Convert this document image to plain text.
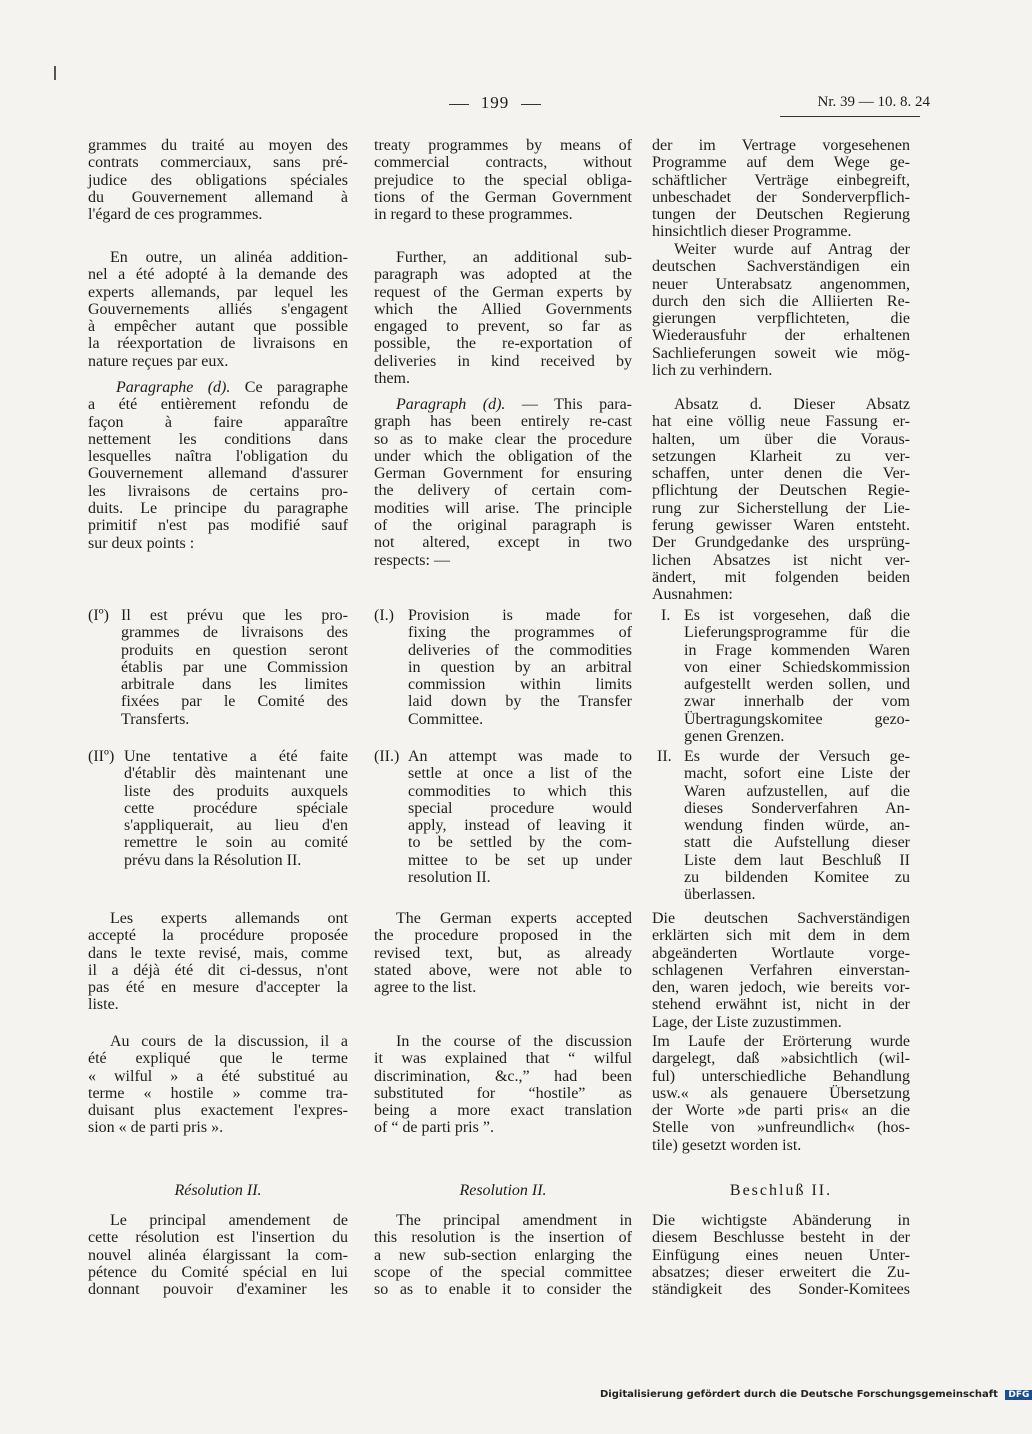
199	Nr. 39 — 10. 8. 24
grammes du traité au moyen des
contrats commerciaux, sans pré-
judice des obligations spéciales
du Gouvernement allemand à
l'égard de ces programmes.
En outre, un alinéa addition-
nel a été adopté à la demande des
experts allemands, par lequel les
Gouvernements alliés s'engagent
à empêcher autant que possible
la réexportation de livraisons en
nature reçues par eux.
Paragraphe (d). Ce paragraphe
a été entièrement refondu de
façon à faire apparaître
nettement les conditions dans
lesquelles naîtra l'obligation du
Gouvernement allemand d'assurer
les livraisons de certains pro-
duits. Le principe du paragraphe
primitif n'est pas modifié sauf
sur deux points :
(Iº) Il est prévu que les pro-
grammes de livraisons des
produits en question seront
établis par une Commission
arbitrale dans les limites
fixées par le Comité des
Transferts.
(IIº) Une tentative a été faite
d'établir dès maintenant une
liste des produits auxquels
cette procédure spéciale
s'appliquerait, au lieu d'en
remettre le soin au comité
prévu dans la Résolution II.
Les experts allemands ont
accepté la procédure proposée
dans le texte revisé, mais, comme
il a déjà été dit ci-dessus, n'ont
pas été en mesure d'accepter la
liste.
Au cours de la discussion, il a
été expliqué que le terme
« wilful » a été substitué au
terme « hostile » comme tra-
duisant plus exactement l'expres-
sion « de parti pris ».
Résolution II.
Le principal amendement de
cette résolution est l'insertion du
nouvel alinéa élargissant la com-
pétence du Comité spécial en lui
donnant pouvoir d'examiner les
treaty programmes by means of
commercial contracts, without
prejudice to the special obliga-
tions of the German Government
in regard to these programmes.
Further, an additional sub-
paragraph was adopted at the
request of the German experts by
which the Allied Governments
engaged to prevent, so far as
possible, the re-exportation of
deliveries in kind received by
them.
Paragraph (d). — This para-
graph has been entirely re-cast
so as to make clear the procedure
under which the obligation of the
German Government for ensuring
the delivery of certain com-
modities will arise. The principle
of the original paragraph is
not altered, except in two
respects: —
(I.) Provision is made for
fixing the programmes of
deliveries of the commodities
in question by an arbitral
commission within limits
laid down by the Transfer
Committee.
(II.) An attempt was made to
settle at once a list of the
commodities to which this
special procedure would
apply, instead of leaving it
to be settled by the com-
mittee to be set up under
resolution II.
The German experts accepted
the procedure proposed in the
revised text, but, as already
stated above, were not able to
agree to the list.
In the course of the discussion
it was explained that “ wilful
discrimination, &c.,” had been
substituted for “hostile” as
being a more exact translation
of “ de parti pris ”.
Resolution II.
The principal amendment in
this resolution is the insertion of
a new sub-section enlarging the
scope of the special committee
so as to enable it to consider the
der im Vertrage vorgesehenen
Programme auf dem Wege ge-
schäftlicher Verträge einbegreift,
unbeschadet der Sonderverpflich-
tungen der Deutschen Regierung
hinsichtlich dieser Programme.
Weiter wurde auf Antrag der
deutschen Sachverständigen ein
neuer Unterabsatz angenommen,
durch den sich die Alliierten Re-
gierungen verpflichteten, die
Wiederausfuhr der erhaltenen
Sachlieferungen soweit wie mög-
lich zu verhindern.
Absatz d. Dieser Absatz
hat eine völlig neue Fassung er-
halten, um über die Voraus-
setzungen Klarheit zu ver-
schaffen, unter denen die Ver-
pflichtung der Deutschen Regie-
rung zur Sicherstellung der Lie-
ferung gewisser Waren entsteht.
Der Grundgedanke des ursprüng-
lichen Absatzes ist nicht ver-
ändert, mit folgenden beiden
Ausnahmen:
I. Es ist vorgesehen, daß die
Lieferungsprogramme für die
in Frage kommenden Waren
von einer Schiedskommission
aufgestellt werden sollen, und
zwar innerhalb der vom
Übertragungskomitee gezo-
genen Grenzen.
II. Es wurde der Versuch ge-
macht, sofort eine Liste der
Waren aufzustellen, auf die
dieses Sonderverfahren An-
wendung finden würde, an-
statt die Aufstellung dieser
Liste dem laut Beschluß II
zu bildenden Komitee zu
überlassen.
Die deutschen Sachverständigen
erklärten sich mit dem in dem
abgeänderten Wortlaute vorge-
schlagenen Verfahren einverstan-
den, waren jedoch, wie bereits vor-
stehend erwähnt ist, nicht in der
Lage, der Liste zuzustimmen.
Im Laufe der Erörterung wurde
dargelegt, daß »absichtlich (wil-
ful) unterschiedliche Behandlung
usw.« als genauere Übersetzung
der Worte »de parti pris« an die
Stelle von »unfreundlich« (hos-
tile) gesetzt worden ist.
Beschluß II.
Die wichtigste Abänderung in
diesem Beschlusse besteht in der
Einfügung eines neuen Unter-
absatzes; dieser erweitert die Zu-
ständigkeit des Sonder-Komitees
Digitalisierung gefördert durch die Deutsche Forschungsgemeinschaft DFG
